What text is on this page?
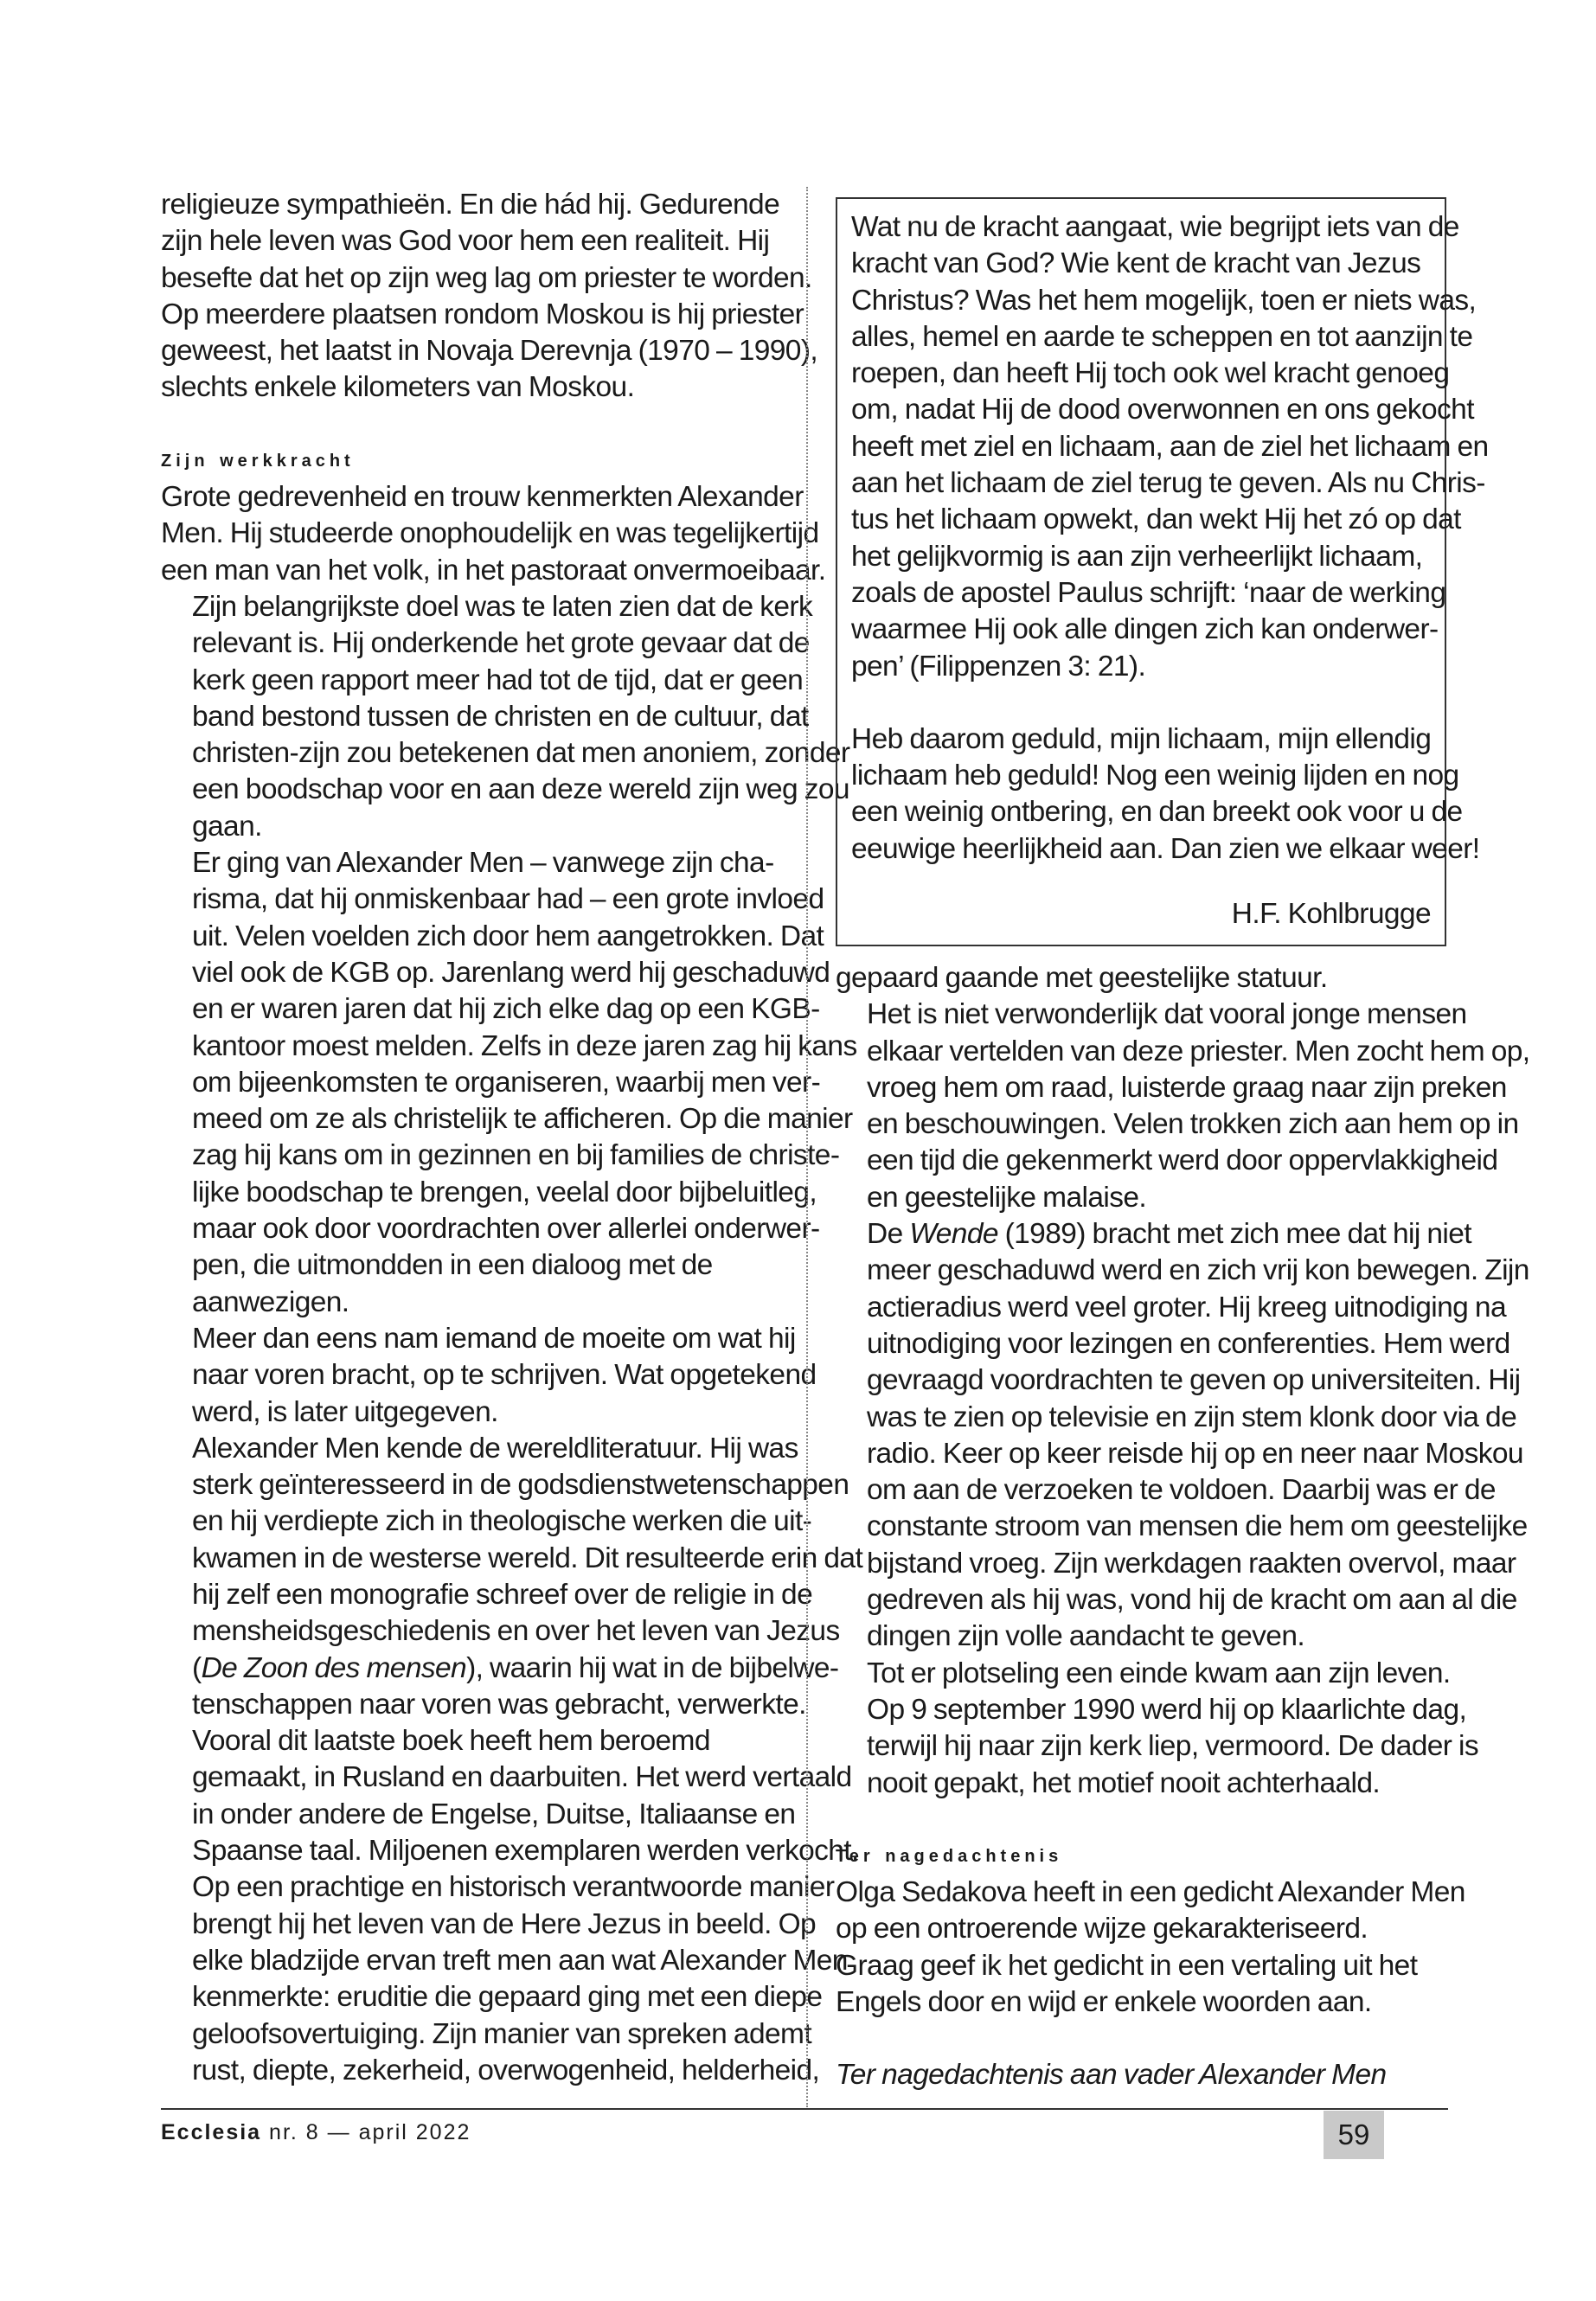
religieuze sympathieën. En die hád hij. Gedurende
zijn hele leven was God voor hem een realiteit. Hij
besefte dat het op zijn weg lag om priester te worden.
Op meerdere plaatsen rondom Moskou is hij priester
geweest, het laatst in Novaja Derevnja (1970 – 1990),
slechts enkele kilometers van Moskou.

Zijn werkkracht

Grote gedrevenheid en trouw kenmerkten Alexander
Men. Hij studeerde onophoudelijk en was tegelijkertijd
een man van het volk, in het pastoraat onvermoeibaar.

Zijn belangrijkste doel was te laten zien dat de kerk
relevant is. Hij onderkende het grote gevaar dat de
kerk geen rapport meer had tot de tijd, dat er geen
band bestond tussen de christen en de cultuur, dat
christen-zijn zou betekenen dat men anoniem, zonder
een boodschap voor en aan deze wereld zijn weg zou
gaan.

Er ging van Alexander Men – vanwege zijn cha-
risma, dat hij onmiskenbaar had – een grote invloed
uit. Velen voelden zich door hem aangetrokken. Dat
viel ook de KGB op. Jarenlang werd hij geschaduwd
en er waren jaren dat hij zich elke dag op een KGB-
kantoor moest melden. Zelfs in deze jaren zag hij kans
om bijeenkomsten te organiseren, waarbij men ver-
meed om ze als christelijk te afficheren. Op die manier
zag hij kans om in gezinnen en bij families de christe-
lijke boodschap te brengen, veelal door bijbeluitleg,
maar ook door voordrachten over allerlei onderwer-
pen, die uitmondden in een dialoog met de
aanwezigen.

Meer dan eens nam iemand de moeite om wat hij
naar voren bracht, op te schrijven. Wat opgetekend
werd, is later uitgegeven.

Alexander Men kende de wereldliteratuur. Hij was
sterk geïnteresseerd in de godsdienstwetenschappen
en hij verdiepte zich in theologische werken die uit-
kwamen in de westerse wereld. Dit resulteerde erin dat
hij zelf een monografie schreef over de religie in de
mensheidsgeschiedenis en over het leven van Jezus
(De Zoon des mensen), waarin hij wat in de bijbelwe-
tenschappen naar voren was gebracht, verwerkte.

Vooral dit laatste boek heeft hem beroemd
gemaakt, in Rusland en daarbuiten. Het werd vertaald
in onder andere de Engelse, Duitse, Italiaanse en
Spaanse taal. Miljoenen exemplaren werden verkocht.
Op een prachtige en historisch verantwoorde manier
brengt hij het leven van de Here Jezus in beeld. Op
elke bladzijde ervan treft men aan wat Alexander Men
kenmerkte: eruditie die gepaard ging met een diepe
geloofsovertuiging. Zijn manier van spreken ademt
rust, diepte, zekerheid, overwogenheid, helderheid,

Wat nu de kracht aangaat, wie begrijpt iets van de
kracht van God? Wie kent de kracht van Jezus
Christus? Was het hem mogelijk, toen er niets was,
alles, hemel en aarde te scheppen en tot aanzijn te
roepen, dan heeft Hij toch ook wel kracht genoeg
om, nadat Hij de dood overwonnen en ons gekocht
heeft met ziel en lichaam, aan de ziel het lichaam en
aan het lichaam de ziel terug te geven. Als nu Chris-
tus het lichaam opwekt, dan wekt Hij het zó op dat
het gelijkvormig is aan zijn verheerlijkt lichaam,
zoals de apostel Paulus schrijft: ‘naar de werking
waarmee Hij ook alle dingen zich kan onderwer-
pen’ (Filippenzen 3: 21).

Heb daarom geduld, mijn lichaam, mijn ellendig
lichaam heb geduld! Nog een weinig lijden en nog
een weinig ontbering, en dan breekt ook voor u de
eeuwige heerlijkheid aan. Dan zien we elkaar weer!

H.F. Kohlbrugge

gepaard gaande met geestelijke statuur.

Het is niet verwonderlijk dat vooral jonge mensen
elkaar vertelden van deze priester. Men zocht hem op,
vroeg hem om raad, luisterde graag naar zijn preken
en beschouwingen. Velen trokken zich aan hem op in
een tijd die gekenmerkt werd door oppervlakkigheid
en geestelijke malaise.

De Wende (1989) bracht met zich mee dat hij niet
meer geschaduwd werd en zich vrij kon bewegen. Zijn
actieradius werd veel groter. Hij kreeg uitnodiging na
uitnodiging voor lezingen en conferenties. Hem werd
gevraagd voordrachten te geven op universiteiten. Hij
was te zien op televisie en zijn stem klonk door via de
radio. Keer op keer reisde hij op en neer naar Moskou
om aan de verzoeken te voldoen. Daarbij was er de
constante stroom van mensen die hem om geestelijke
bijstand vroeg. Zijn werkdagen raakten overvol, maar
gedreven als hij was, vond hij de kracht om aan al die
dingen zijn volle aandacht te geven.

Tot er plotseling een einde kwam aan zijn leven.
Op 9 september 1990 werd hij op klaarlichte dag,
terwijl hij naar zijn kerk liep, vermoord. De dader is
nooit gepakt, het motief nooit achterhaald.

Ter nagedachtenis

Olga Sedakova heeft in een gedicht Alexander Men
op een ontroerende wijze gekarakteriseerd.
Graag geef ik het gedicht in een vertaling uit het
Engels door en wijd er enkele woorden aan.

Ter nagedachtenis aan vader Alexander Men

Ecclesia nr. 8 — april 2022	59
